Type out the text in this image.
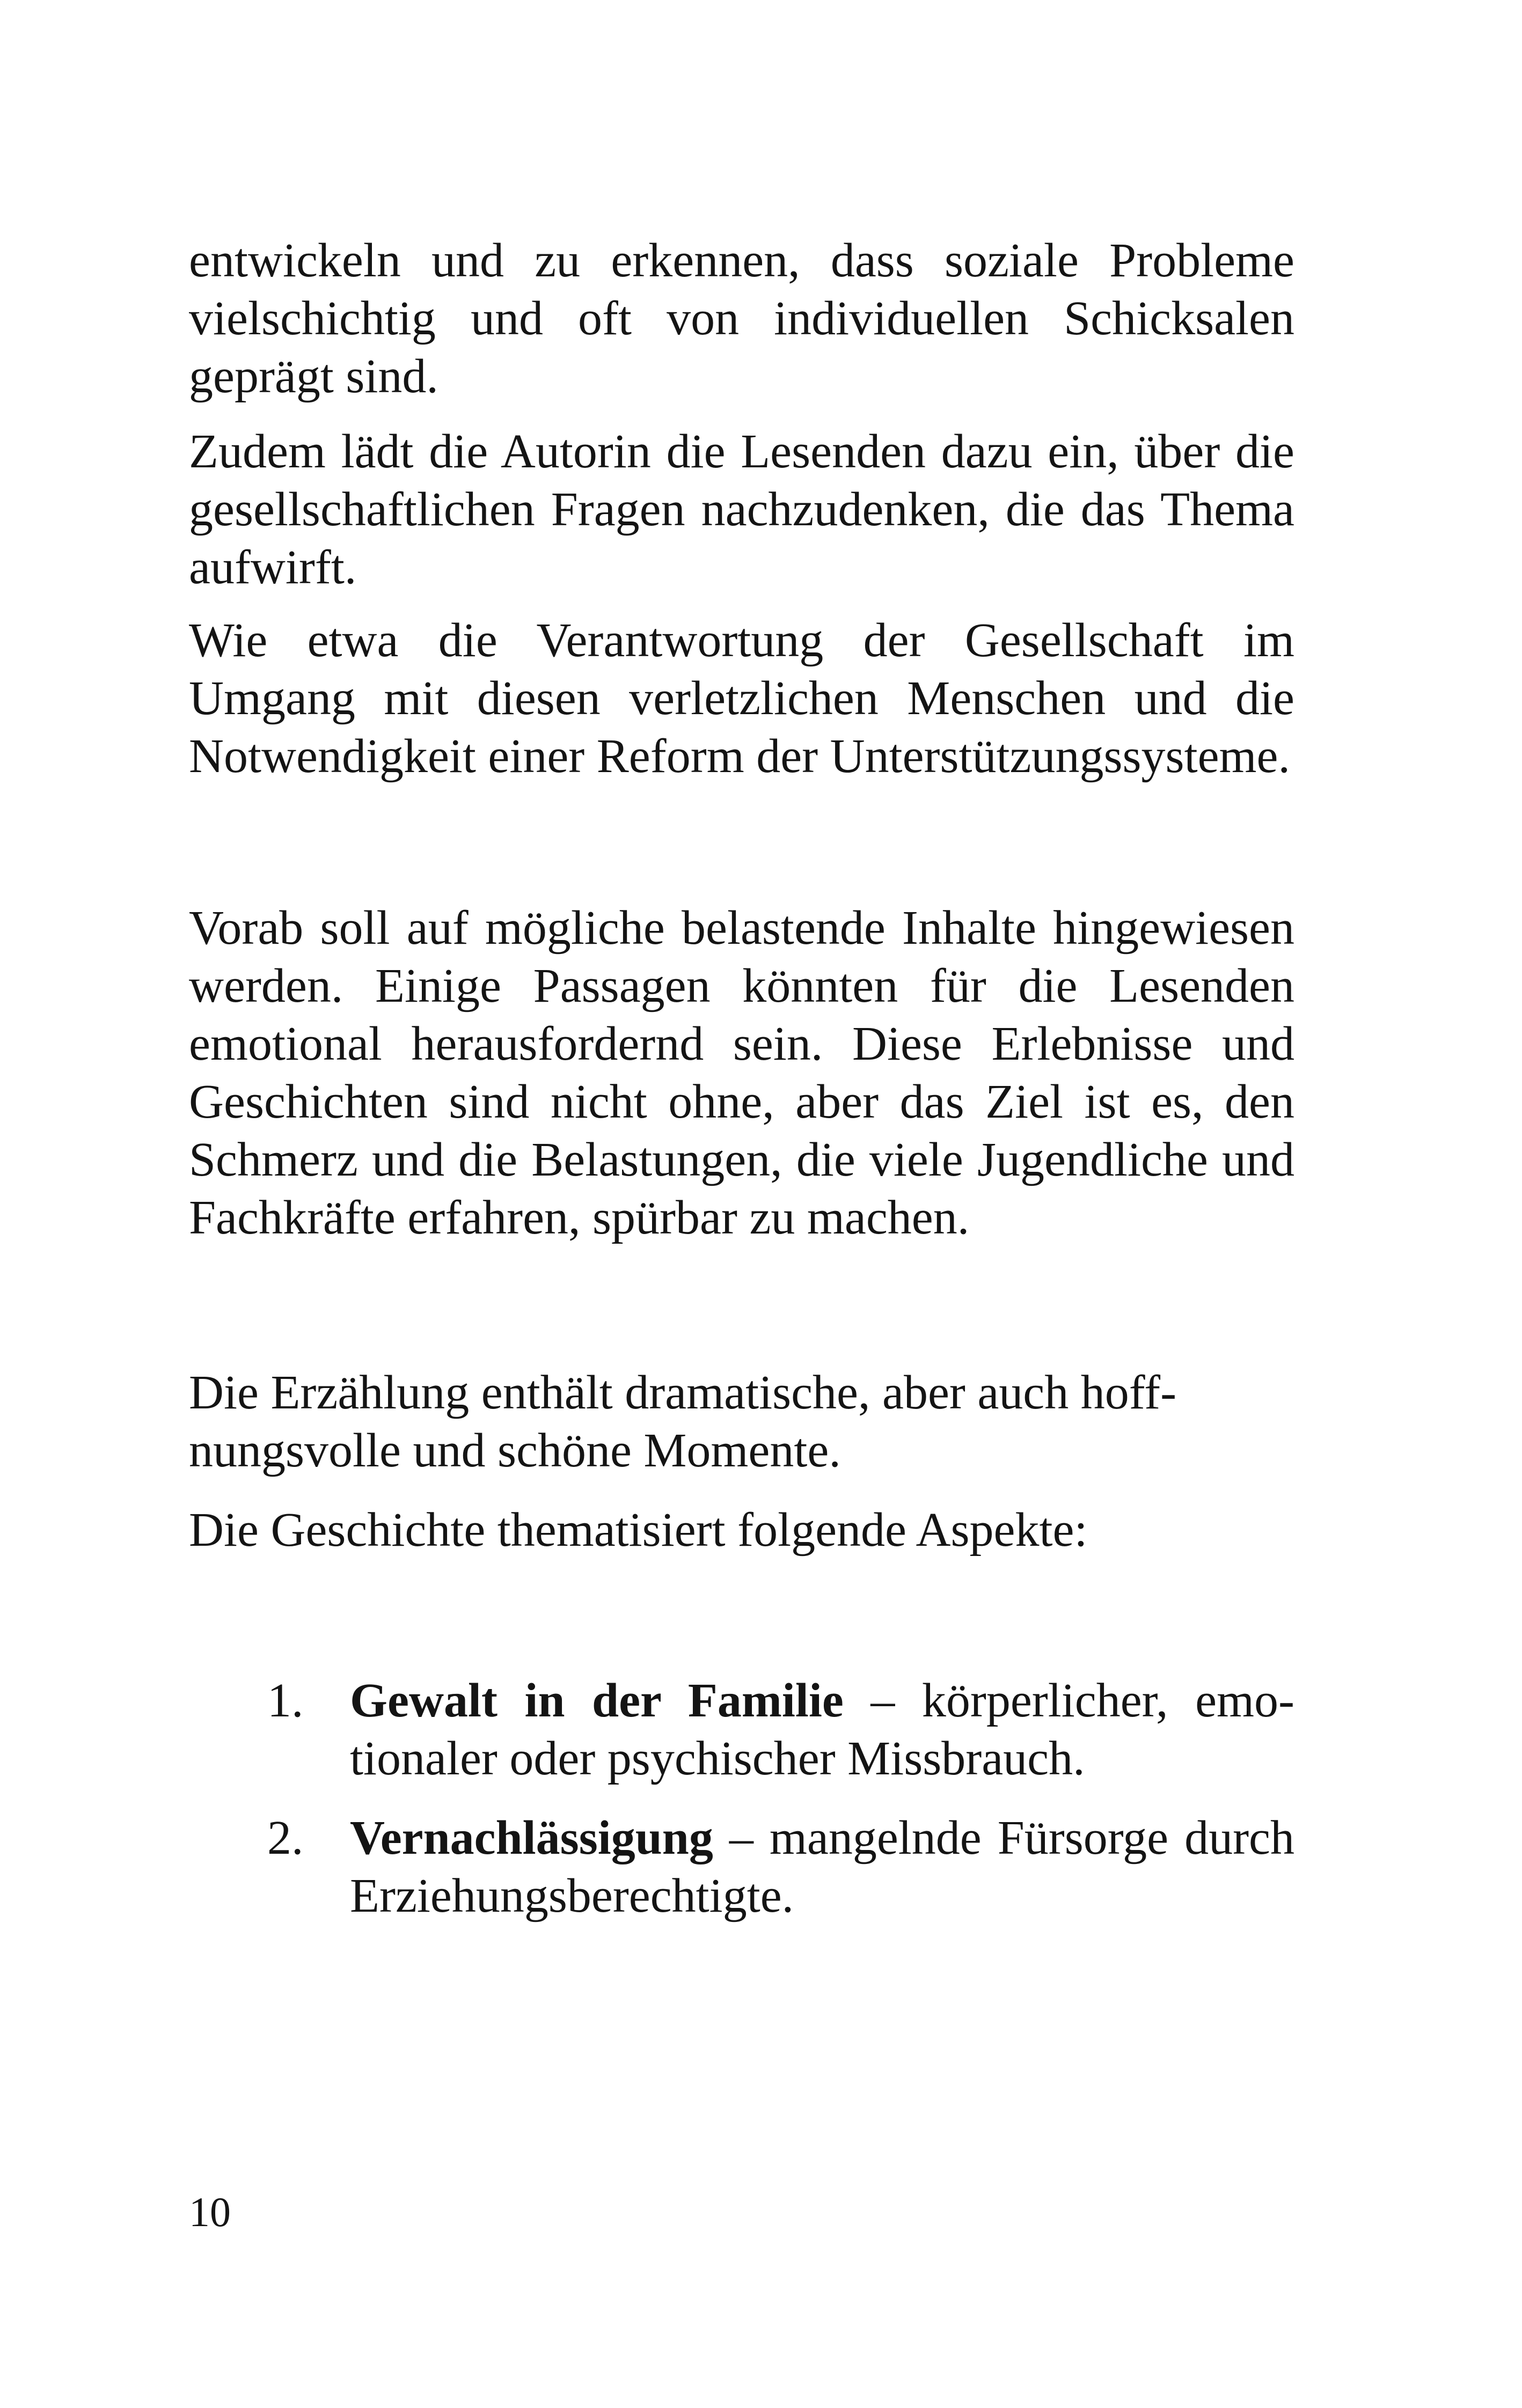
entwickeln und zu erkennen, dass soziale Probleme vielschichtig und oft von individuellen Schicksalen geprägt sind.

Zudem lädt die Autorin die Lesenden dazu ein, über die gesellschaftlichen Fragen nachzudenken, die das Thema aufwirft.

Wie etwa die Verantwortung der Gesellschaft im Umgang mit diesen verletzlichen Menschen und die Notwendigkeit einer Reform der Unterstützungssysteme.

Vorab soll auf mögliche belastende Inhalte hingewiesen werden. Einige Passagen könnten für die Lesenden emotional herausfordernd sein. Diese Erlebnisse und Geschichten sind nicht ohne, aber das Ziel ist es, den Schmerz und die Belastungen, die viele Jugendliche und Fachkräfte erfahren, spürbar zu machen.

Die Erzählung enthält dramatische, aber auch hoffnungsvolle und schöne Momente.

Die Geschichte thematisiert folgende Aspekte:

1. Gewalt in der Familie – körperlicher, emotionaler oder psychischer Missbrauch.
2. Vernachlässigung – mangelnde Fürsorge durch Erziehungsberechtigte.
10
